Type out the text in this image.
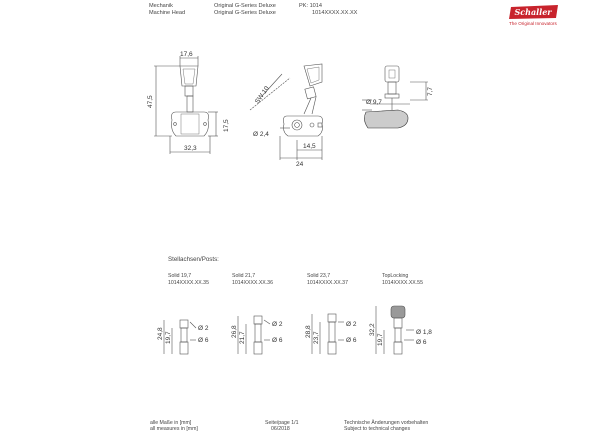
Mechanik
Machine Head
Original G-Series Deluxe
Original G-Series Deluxe
PK: 1014
1014XXXX.XX.XX	Schaller
The Original Innovators
17,6
47,5
17,5
32,3
SW 10
Ø 2,4
14,5
24
Ø 9,7
7,7
24,8 19,7
Ø 2
Ø 6
26,8 21,7
Ø 2
Ø 6
28,8 23,7
Ø 2
Ø 6
32,2
19,7
Ø 1,8
Ø 6
Stellachsen/Posts:
Solid 19,7
1014XXXX.XX.35
Solid 21,7
1014XXXX.XX.36
Solid 23,7
1014XXXX.XX.37
TopLocking
1014XXXX.XX.55
alle Maße in [mm]
all measures in [mm]
Seite/page 1/1
06/2018
Technische Änderungen vorbehalten
Subject to technical changes
